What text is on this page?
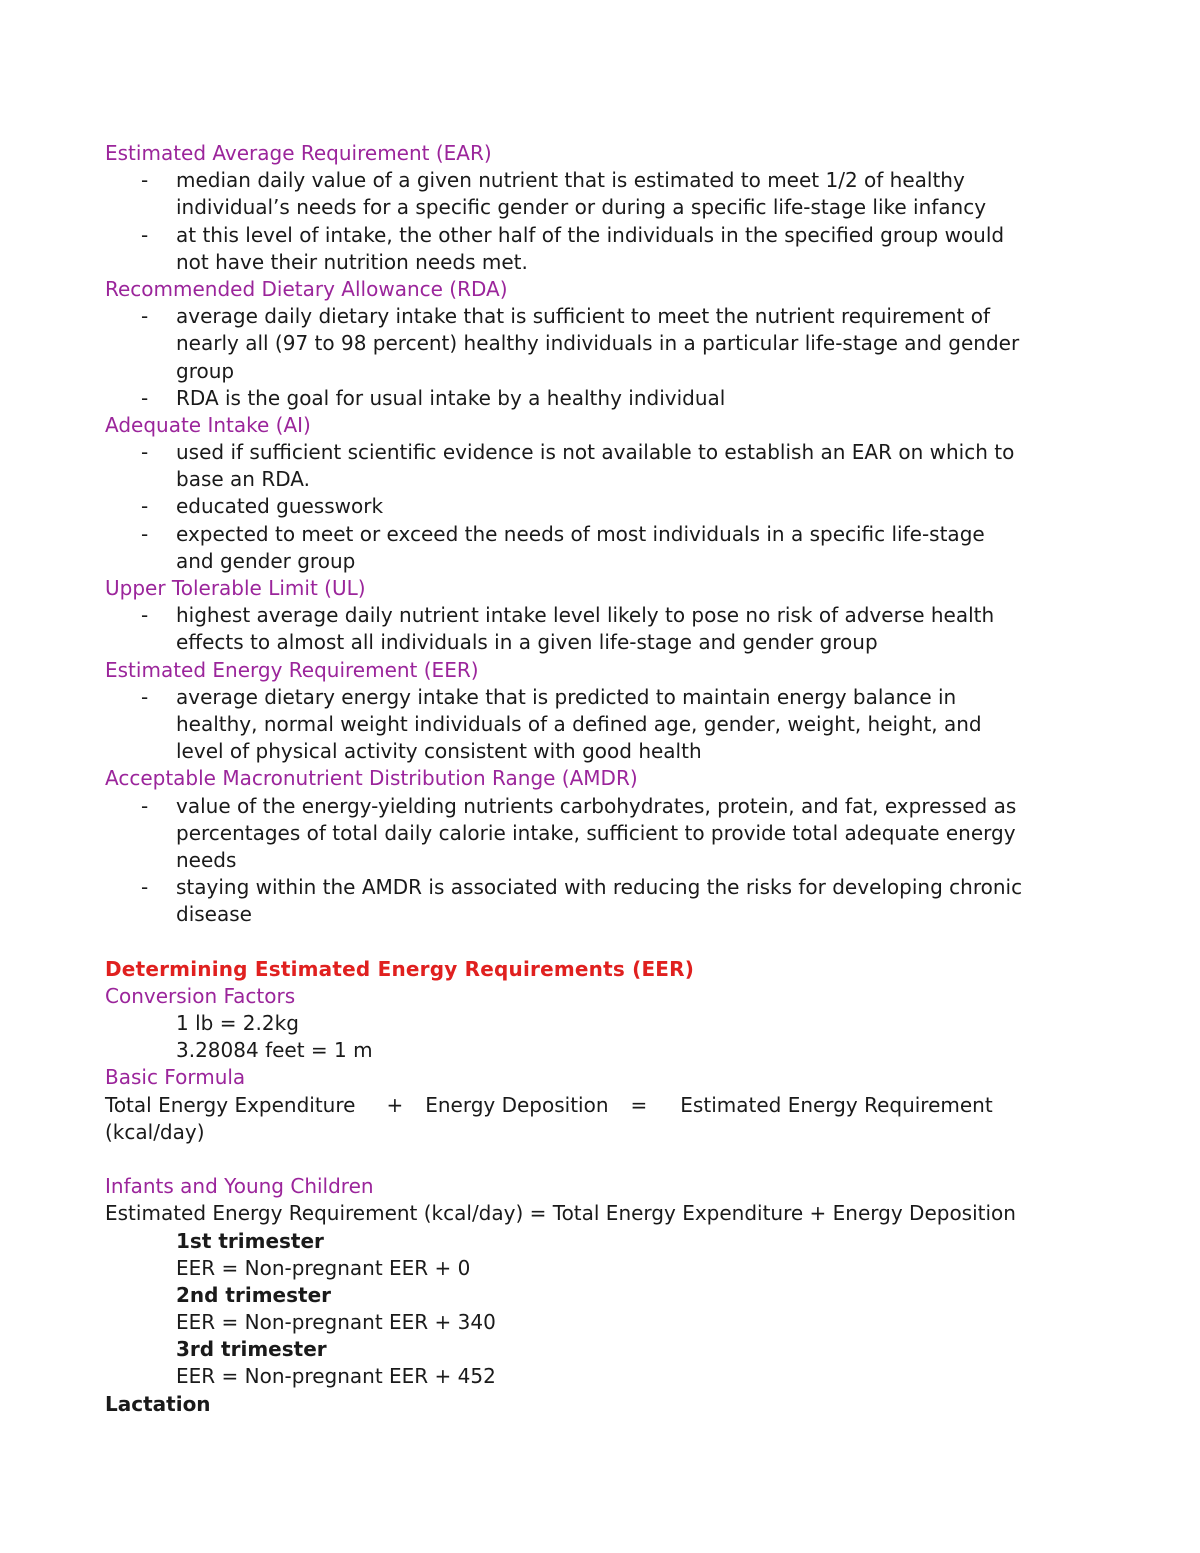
Estimated Average Requirement (EAR)
- median daily value of a given nutrient that is estimated to meet 1/2 of healthy
individual’s needs for a specific gender or during a specific life-stage like infancy
- at this level of intake, the other half of the individuals in the specified group would
not have their nutrition needs met.
Recommended Dietary Allowance (RDA)
- average daily dietary intake that is sufficient to meet the nutrient requirement of
nearly all (97 to 98 percent) healthy individuals in a particular life-stage and gender
group
- RDA is the goal for usual intake by a healthy individual
Adequate Intake (AI)
- used if sufficient scientific evidence is not available to establish an EAR on which to
base an RDA.
- educated guesswork
- expected to meet or exceed the needs of most individuals in a specific life-stage
and gender group
Upper Tolerable Limit (UL)
- highest average daily nutrient intake level likely to pose no risk of adverse health
effects to almost all individuals in a given life-stage and gender group
Estimated Energy Requirement (EER)
- average dietary energy intake that is predicted to maintain energy balance in
healthy, normal weight individuals of a defined age, gender, weight, height, and
level of physical activity consistent with good health
Acceptable Macronutrient Distribution Range (AMDR)
- value of the energy-yielding nutrients carbohydrates, protein, and fat, expressed as
percentages of total daily calorie intake, sufficient to provide total adequate energy
needs
- staying within the AMDR is associated with reducing the risks for developing chronic
disease
Determining Estimated Energy Requirements (EER)
Conversion Factors
1 lb = 2.2kg
3.28084 feet = 1 m
Basic Formula
Total Energy Expenditure + Energy Deposition = Estimated Energy Requirement
(kcal/day)
Infants and Young Children
Estimated Energy Requirement (kcal/day) = Total Energy Expenditure + Energy Deposition
1st trimester
EER = Non-pregnant EER + 0
2nd trimester
EER = Non-pregnant EER + 340
3rd trimester
EER = Non-pregnant EER + 452
Lactation
